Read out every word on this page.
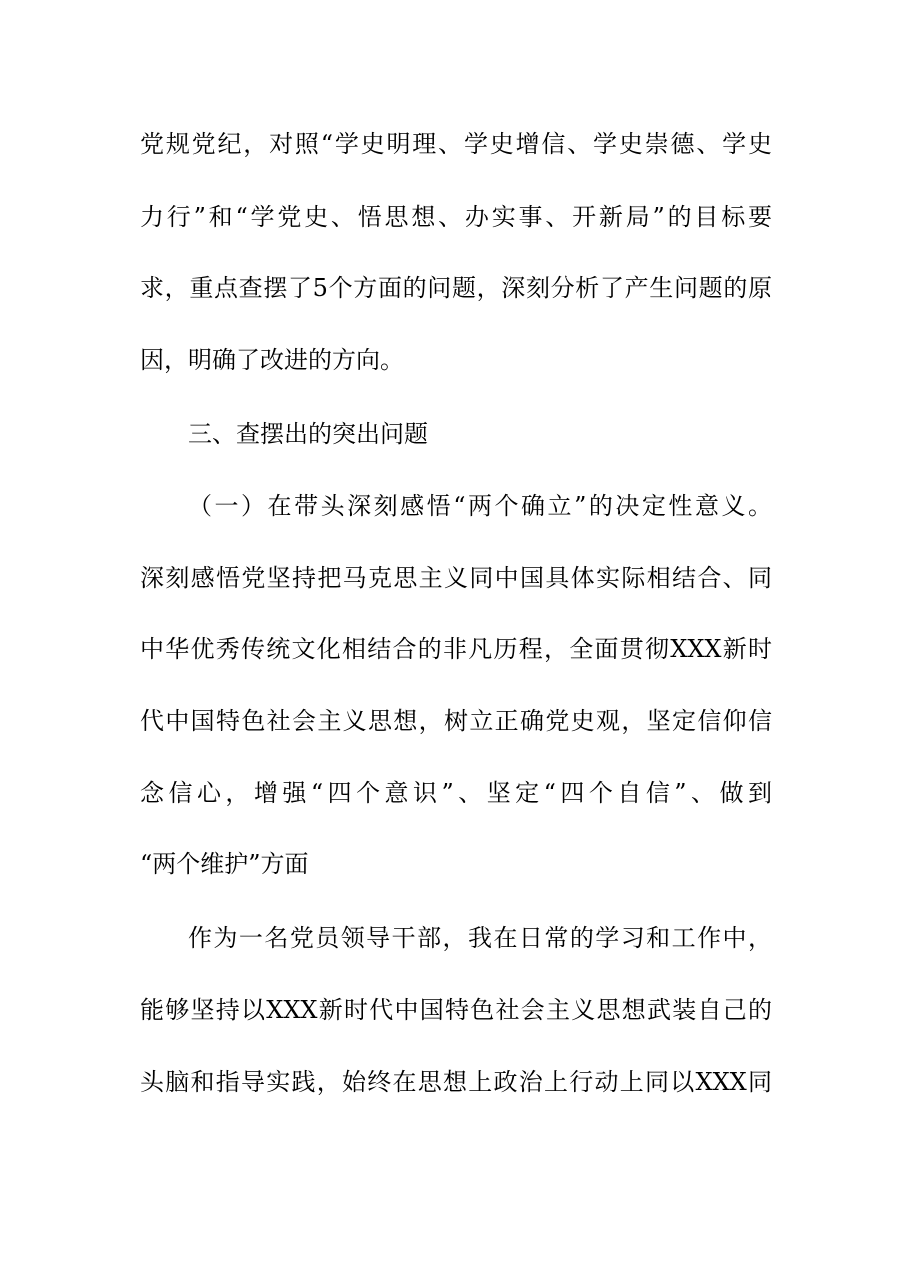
党规党纪，对照“学史明理、学史增信、学史崇德、学史
力行”和“学党史、悟思想、办实事、开新局”的目标要
求，重点查摆了5个方面的问题，深刻分析了产生问题的原
因，明确了改进的方向。
三、查摆出的突出问题
（一）在带头深刻感悟“两个确立”的决定性意义。
深刻感悟党坚持把马克思主义同中国具体实际相结合、同
中华优秀传统文化相结合的非凡历程，全面贯彻XXX新时
代中国特色社会主义思想，树立正确党史观，坚定信仰信
念信心，增强“四个意识”、坚定“四个自信”、做到
“两个维护”方面
作为一名党员领导干部，我在日常的学习和工作中，
能够坚持以XXX新时代中国特色社会主义思想武装自己的
头脑和指导实践，始终在思想上政治上行动上同以XXX同
